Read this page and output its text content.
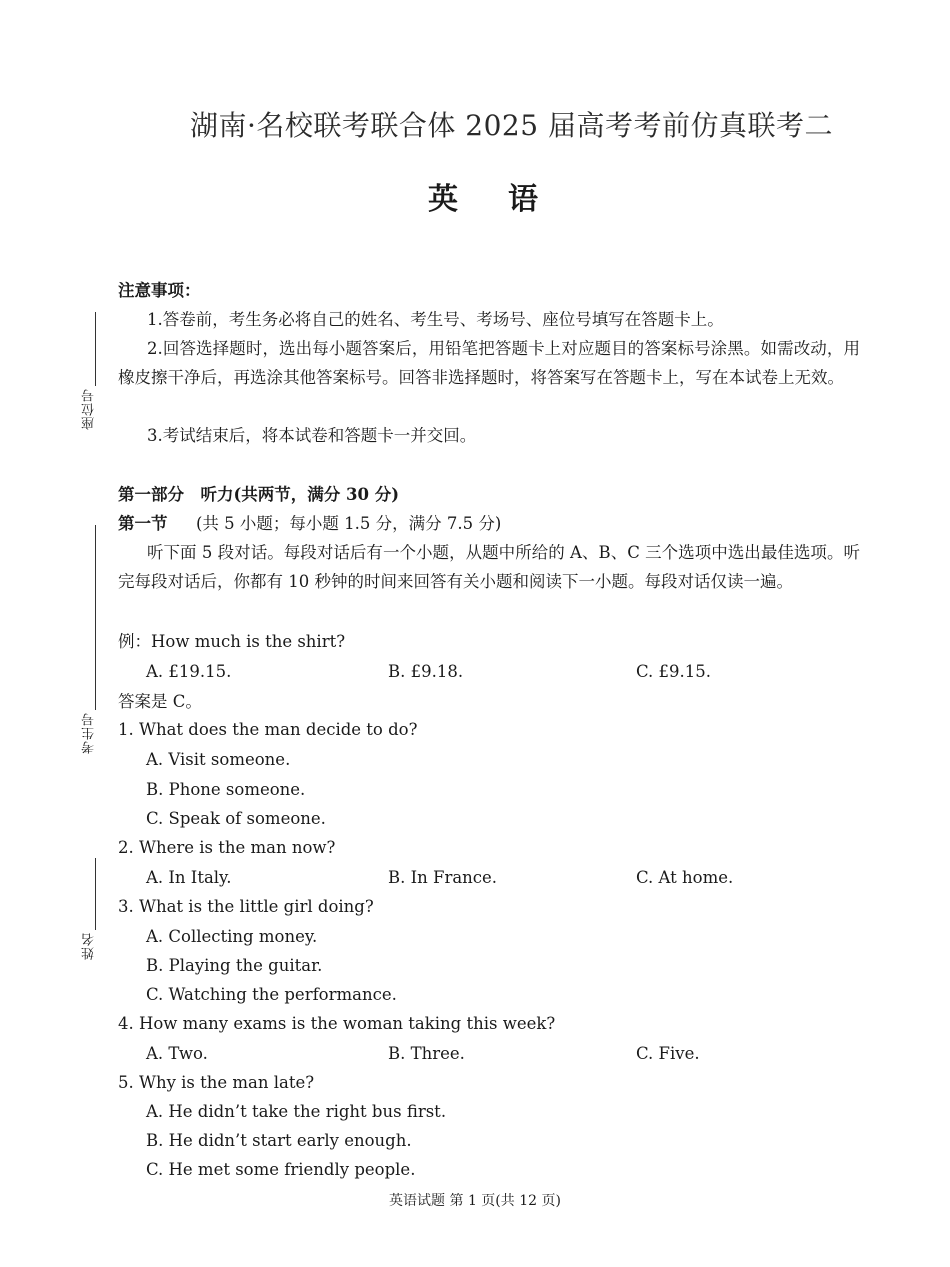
湖南·名校联考联合体 2025 届高考考前仿真联考二
英语
座位号
考生号
姓名
注意事项：
1.答卷前，考生务必将自己的姓名、考生号、考场号、座位号填写在答题卡上。
2.回答选择题时，选出每小题答案后，用铅笔把答题卡上对应题目的答案标号涂黑。如需改动，用橡皮擦干净后，再选涂其他答案标号。回答非选择题时，将答案写在答题卡上，写在本试卷上无效。
3.考试结束后，将本试卷和答题卡一并交回。
第一部分　听力(共两节，满分 30 分)
第一节 (共 5 小题；每小题 1.5 分，满分 7.5 分)
听下面 5 段对话。每段对话后有一个小题，从题中所给的 A、B、C 三个选项中选出最佳选项。听完每段对话后，你都有 10 秒钟的时间来回答有关小题和阅读下一小题。每段对话仅读一遍。
例：How much is the shirt?
A. £19.15.	B. £9.18.	C. £9.15.
答案是 C。
1. What does the man decide to do?
A. Visit someone.
B. Phone someone.
C. Speak of someone.
2. Where is the man now?
A. In Italy.	B. In France.	C. At home.
3. What is the little girl doing?
A. Collecting money.
B. Playing the guitar.
C. Watching the performance.
4. How many exams is the woman taking this week?
A. Two.	B. Three.	C. Five.
5. Why is the man late?
A. He didn’t take the right bus first.
B. He didn’t start early enough.
C. He met some friendly people.
英语试题 第 1 页(共 12 页)
